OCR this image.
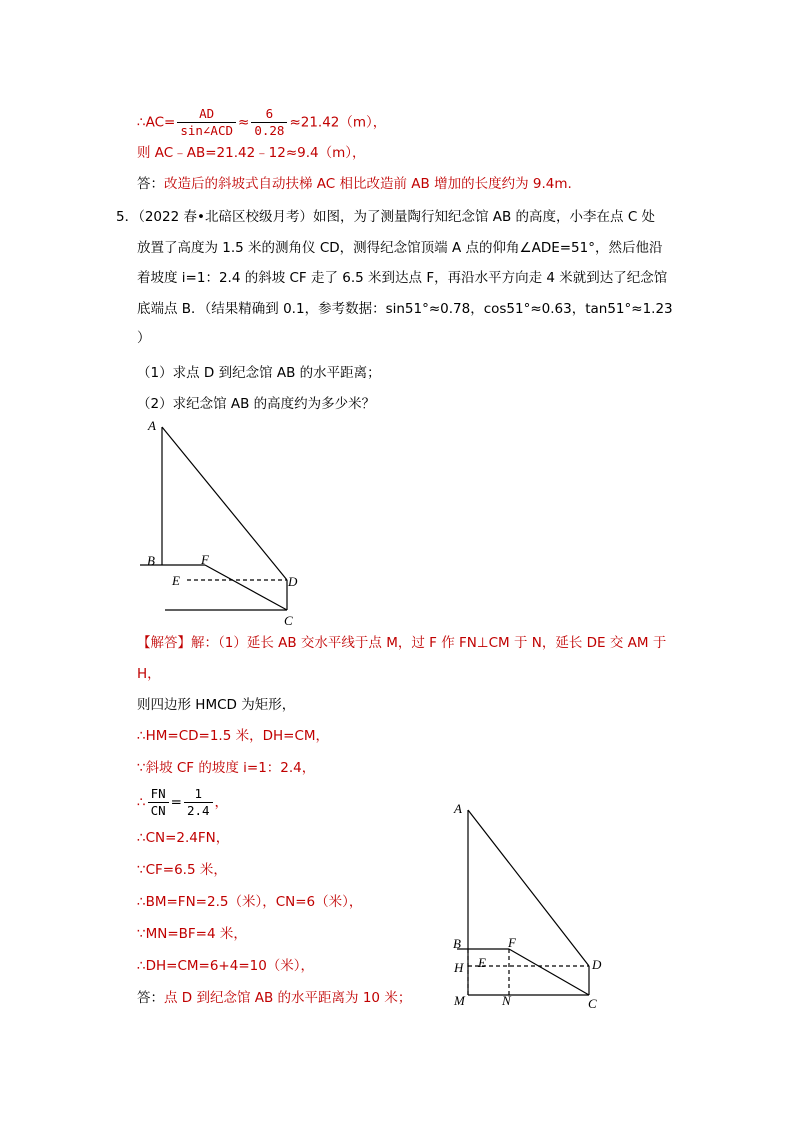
∴AC= $\frac{AD}{\text{sin∠ACD}} \approx \frac{6}{0.28} \approx 21.42(m)$，
则 AC﹣AB=21.42﹣12≈9.4（m），
答：改造后的斜坡式自动扶梯 AC 相比改造前 AB 增加的长度约为 9.4m.
5．（2022 春•北碚区校级月考）如图，为了测量陶行知纪念馆 AB 的高度，小李在点 C 处
放置了高度为 1.5 米的测角仪 CD，测得纪念馆顶端 A 点的仰角∠ADE=51°，然后他沿
着坡度 i=1：2.4 的斜坡 CF 走了 6.5 米到达点 F，再沿水平方向走 4 米就到达了纪念馆
底端点 B．（结果精确到 0.1，参考数据：sin51°≈0.78，cos51°≈0.63，tan51°≈1.23
）
（1）求点 D 到纪念馆 AB 的水平距离；
（2）求纪念馆 AB 的高度约为多少米？
A
B	F
E	D
C
【解答】解：（1）延长 AB 交水平线于点 M，过 F 作 FN⊥CM 于 N，延长 DE 交 AM 于
H，
则四边形 HMCD 为矩形，
∴HM=CD=1.5 米，DH=CM，
∵斜坡 CF 的坡度 i=1：2.4，
∴ $\frac{FN}{CN} = \frac{1}{2.4}$ ，
∴CN=2.4FN，
∵CF=6.5 米，
∴BM=FN=2.5（米），CN=6（米），
∵MN=BF=4 米，
∴DH=CM=6+4=10（米），
答：点 D 到纪念馆 AB 的水平距离为 10 米；
A
B	F
H E	D
M	N	C
